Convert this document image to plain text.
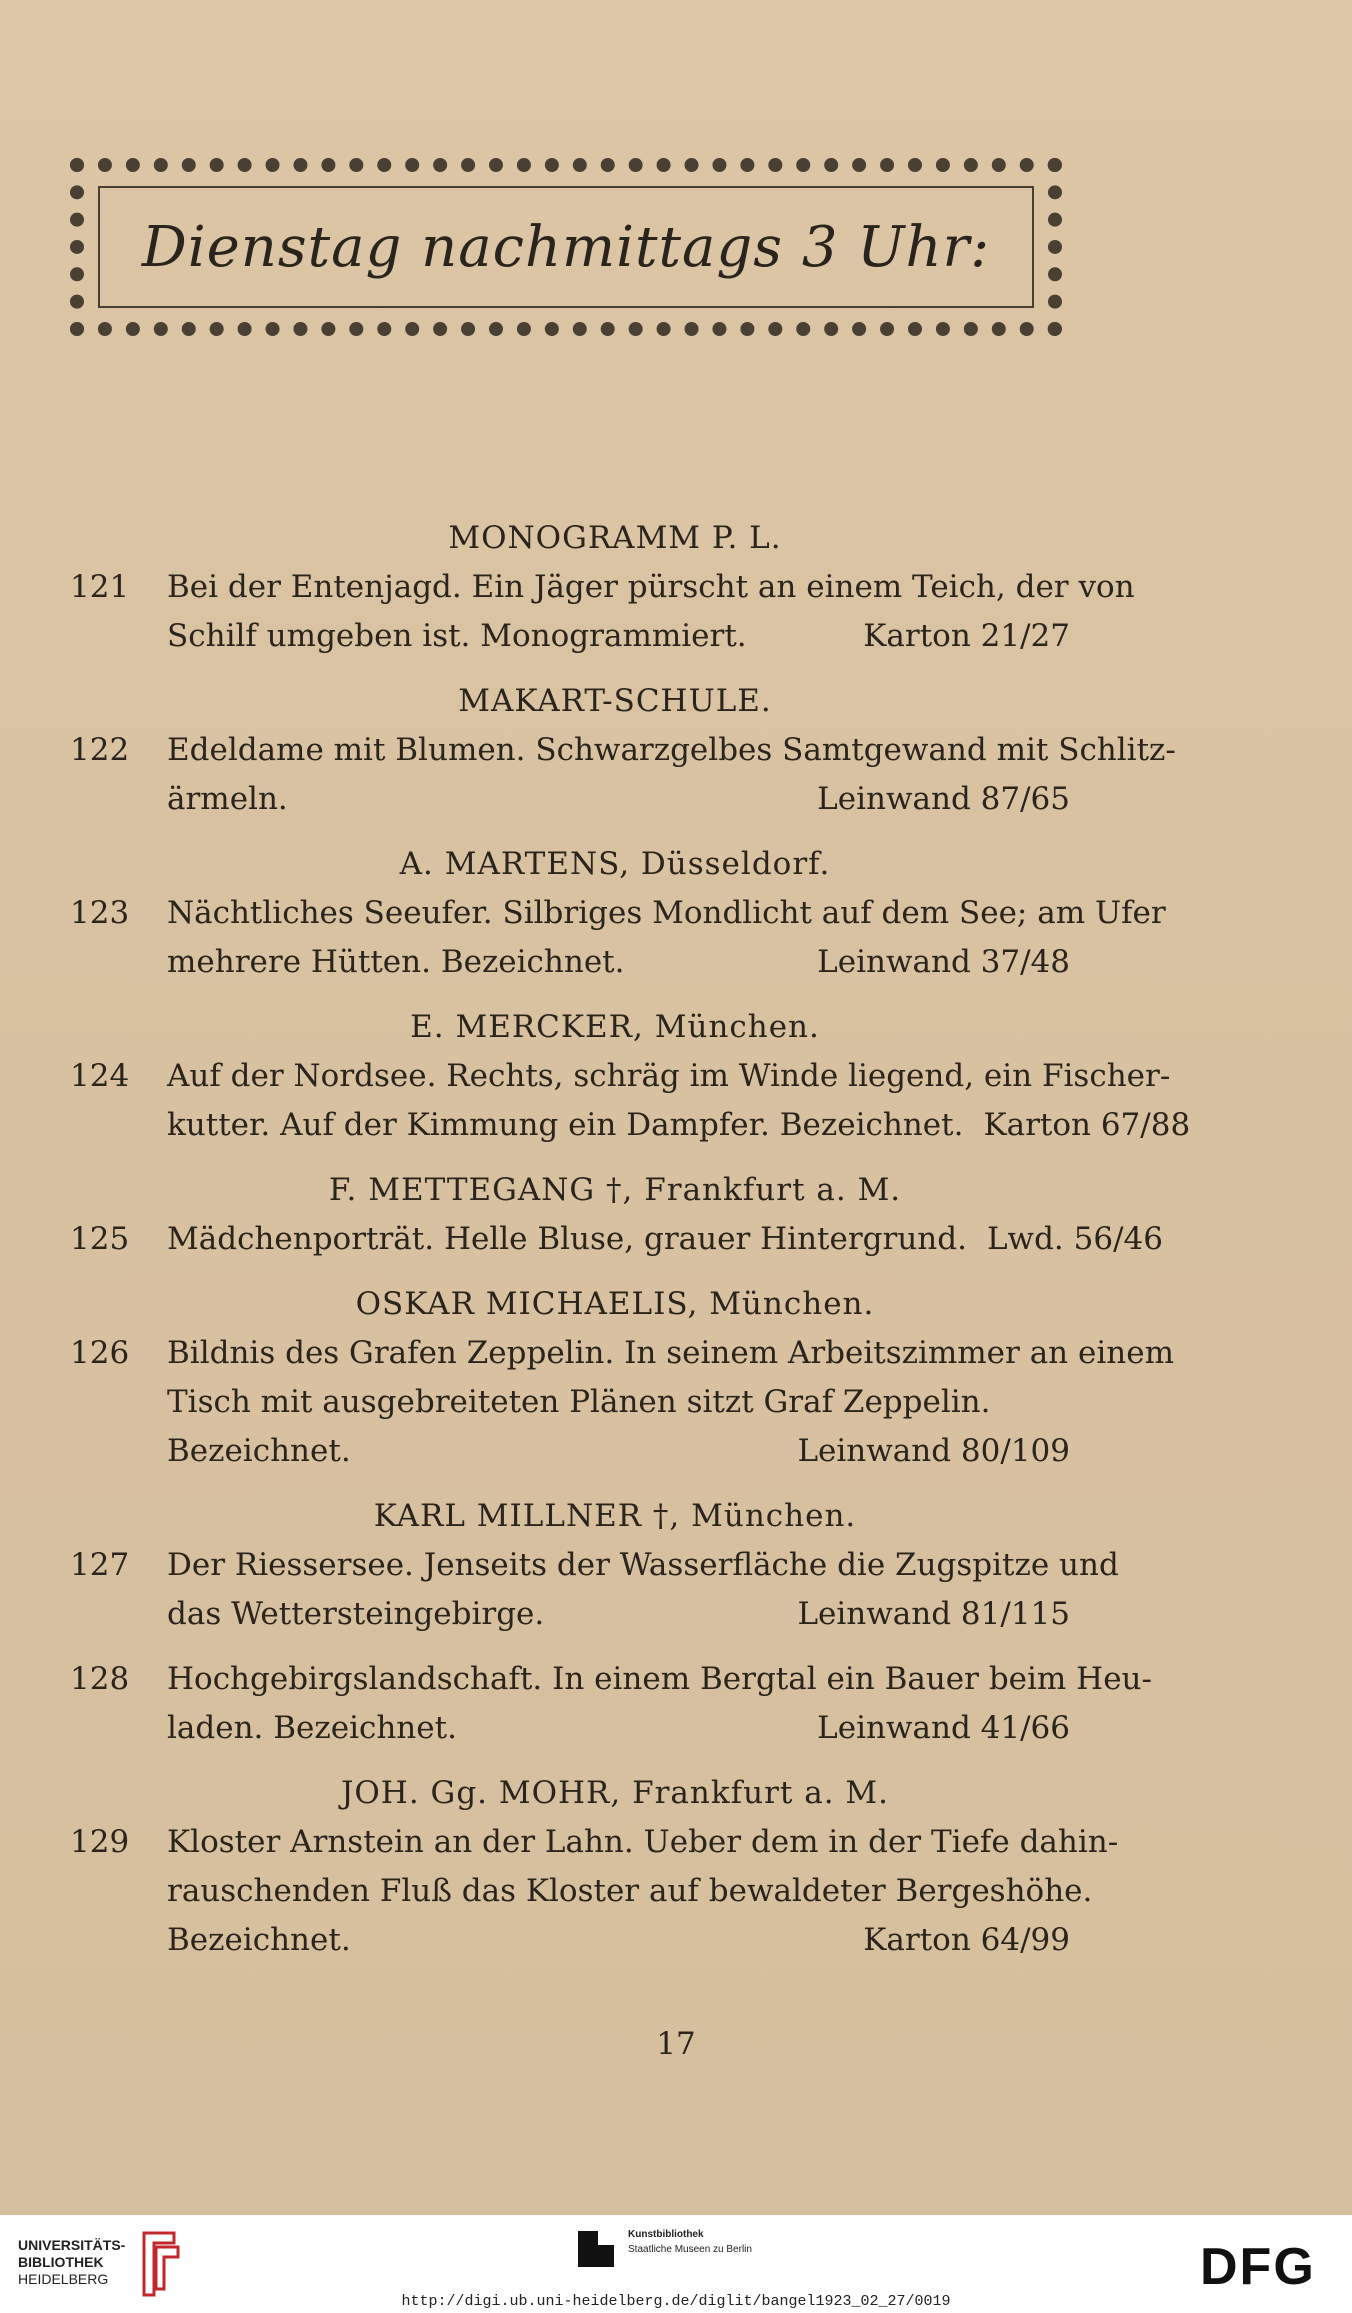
Dienstag nachmittags 3 Uhr:
MONOGRAMM P. L.
121	Bei der Entenjagd. Ein Jäger pürscht an einem Teich, der von
Schilf umgeben ist. Monogrammiert.	Karton 21/27
MAKART-SCHULE.
122	Edeldame mit Blumen. Schwarzgelbes Samtgewand mit Schlitz-
ärmeln.	Leinwand 87/65
A. MARTENS, Düsseldorf.
123	Nächtliches Seeufer. Silbriges Mondlicht auf dem See; am Ufer
mehrere Hütten. Bezeichnet.	Leinwand 37/48
E. MERCKER, München.
124	Auf der Nordsee. Rechts, schräg im Winde liegend, ein Fischer-
kutter. Auf der Kimmung ein Dampfer. Bezeichnet. Karton 67/88
F. METTEGANG †, Frankfurt a. M.
125	Mädchenporträt. Helle Bluse, grauer Hintergrund. Lwd. 56/46
OSKAR MICHAELIS, München.
126	Bildnis des Grafen Zeppelin. In seinem Arbeitszimmer an einem
Tisch mit ausgebreiteten Plänen sitzt Graf Zeppelin.
Bezeichnet.	Leinwand 80/109
KARL MILLNER †, München.
127	Der Riessersee. Jenseits der Wasserfläche die Zugspitze und
das Wettersteingebirge.	Leinwand 81/115
128	Hochgebirgslandschaft. In einem Bergtal ein Bauer beim Heu-
laden. Bezeichnet.	Leinwand 41/66
JOH. Gg. MOHR, Frankfurt a. M.
129	Kloster Arnstein an der Lahn. Ueber dem in der Tiefe dahin-
rauschenden Fluß das Kloster auf bewaldeter Bergeshöhe.
Bezeichnet.	Karton 64/99
17
UNIVERSITÄTS-
BIBLIOTHEK
HEIDELBERG
Kunstbibliothek
Staatliche Museen zu Berlin	DFG
http://digi.ub.uni-heidelberg.de/diglit/bangel1923_02_27/0019
